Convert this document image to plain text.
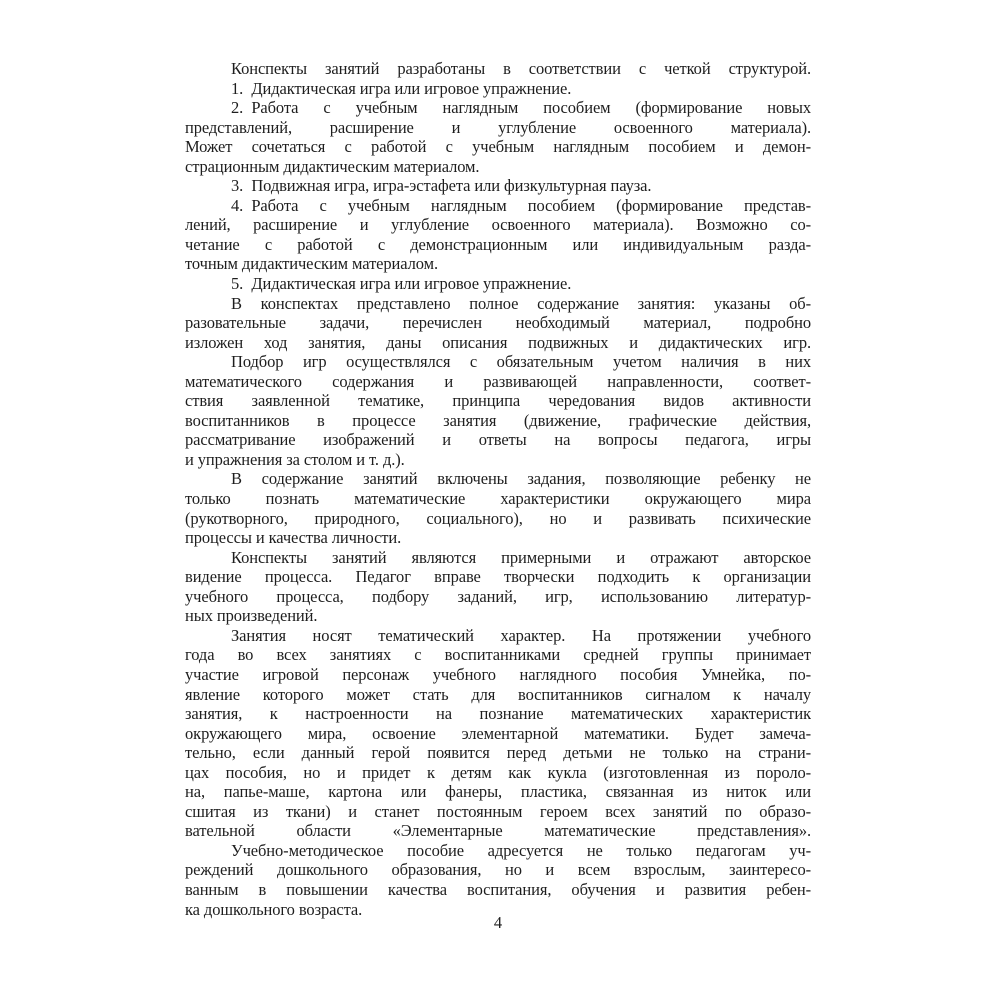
Конспекты занятий разработаны в соответствии с четкой структурой.
1. Дидактическая игра или игровое упражнение.
2. Работа с учебным наглядным пособием (формирование новых
представлений, расширение и углубление освоенного материала).
Может сочетаться с работой с учебным наглядным пособием и демон-
страционным дидактическим материалом.
3. Подвижная игра, игра-эстафета или физкультурная пауза.
4. Работа с учебным наглядным пособием (формирование представ-
лений, расширение и углубление освоенного материала). Возможно со-
четание с работой с демонстрационным или индивидуальным разда-
точным дидактическим материалом.
5. Дидактическая игра или игровое упражнение.
В конспектах представлено полное содержание занятия: указаны об-
разовательные задачи, перечислен необходимый материал, подробно
изложен ход занятия, даны описания подвижных и дидактических игр.
Подбор игр осуществлялся с обязательным учетом наличия в них
математического содержания и развивающей направленности, соответ-
ствия заявленной тематике, принципа чередования видов активности
воспитанников в процессе занятия (движение, графические действия,
рассматривание изображений и ответы на вопросы педагога, игры
и упражнения за столом и т. д.).
В содержание занятий включены задания, позволяющие ребенку не
только познать математические характеристики окружающего мира
(рукотворного, природного, социального), но и развивать психические
процессы и качества личности.
Конспекты занятий являются примерными и отражают авторское
видение процесса. Педагог вправе творчески подходить к организации
учебного процесса, подбору заданий, игр, использованию литератур-
ных произведений.
Занятия носят тематический характер. На протяжении учебного
года во всех занятиях с воспитанниками средней группы принимает
участие игровой персонаж учебного наглядного пособия Умнейка, по-
явление которого может стать для воспитанников сигналом к началу
занятия, к настроенности на познание математических характеристик
окружающего мира, освоение элементарной математики. Будет замеча-
тельно, если данный герой появится перед детьми не только на страни-
цах пособия, но и придет к детям как кукла (изготовленная из пороло-
на, папье-маше, картона или фанеры, пластика, связанная из ниток или
сшитая из ткани) и станет постоянным героем всех занятий по образо-
вательной области «Элементарные математические представления».
Учебно-методическое пособие адресуется не только педагогам уч-
реждений дошкольного образования, но и всем взрослым, заинтересо-
ванным в повышении качества воспитания, обучения и развития ребен-
ка дошкольного возраста.
4
